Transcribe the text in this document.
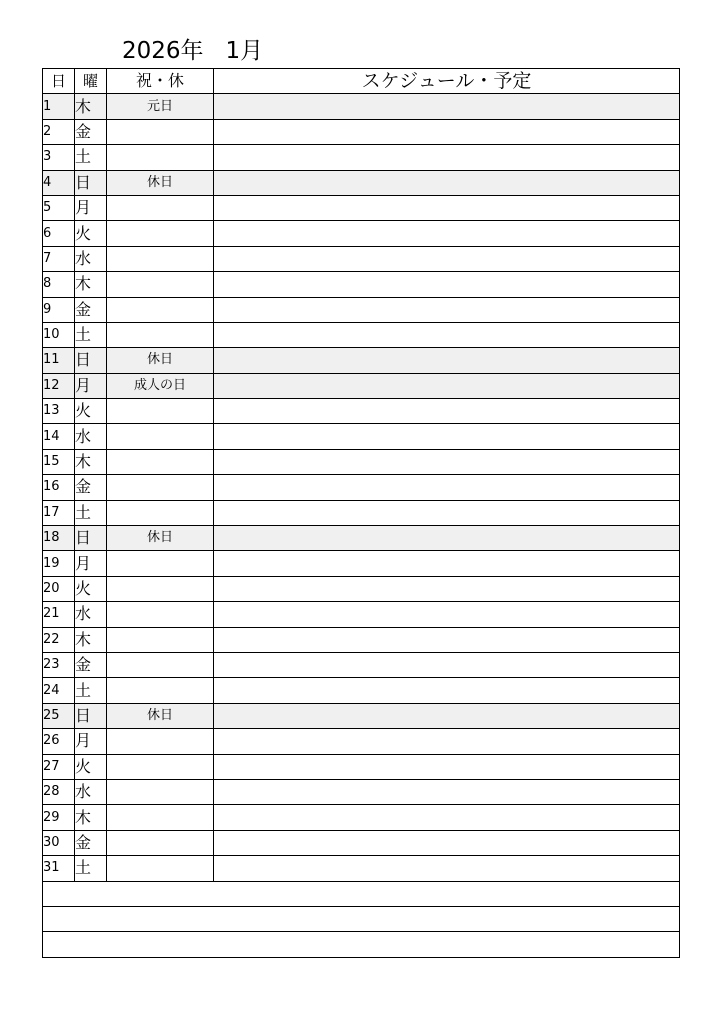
2026年 1月
日	曜	祝・休	スケジュール・予定
1	木	元日	
2	金		
3	土		
4	日	休日	
5	月		
6	火		
7	水		
8	木		
9	金		
10	土		
11	日	休日	
12	月	成人の日	
13	火		
14	水		
15	木		
16	金		
17	土		
18	日	休日	
19	月		
20	火		
21	水		
22	木		
23	金		
24	土		
25	日	休日	
26	月		
27	火		
28	水		
29	木		
30	金		
31	土		
